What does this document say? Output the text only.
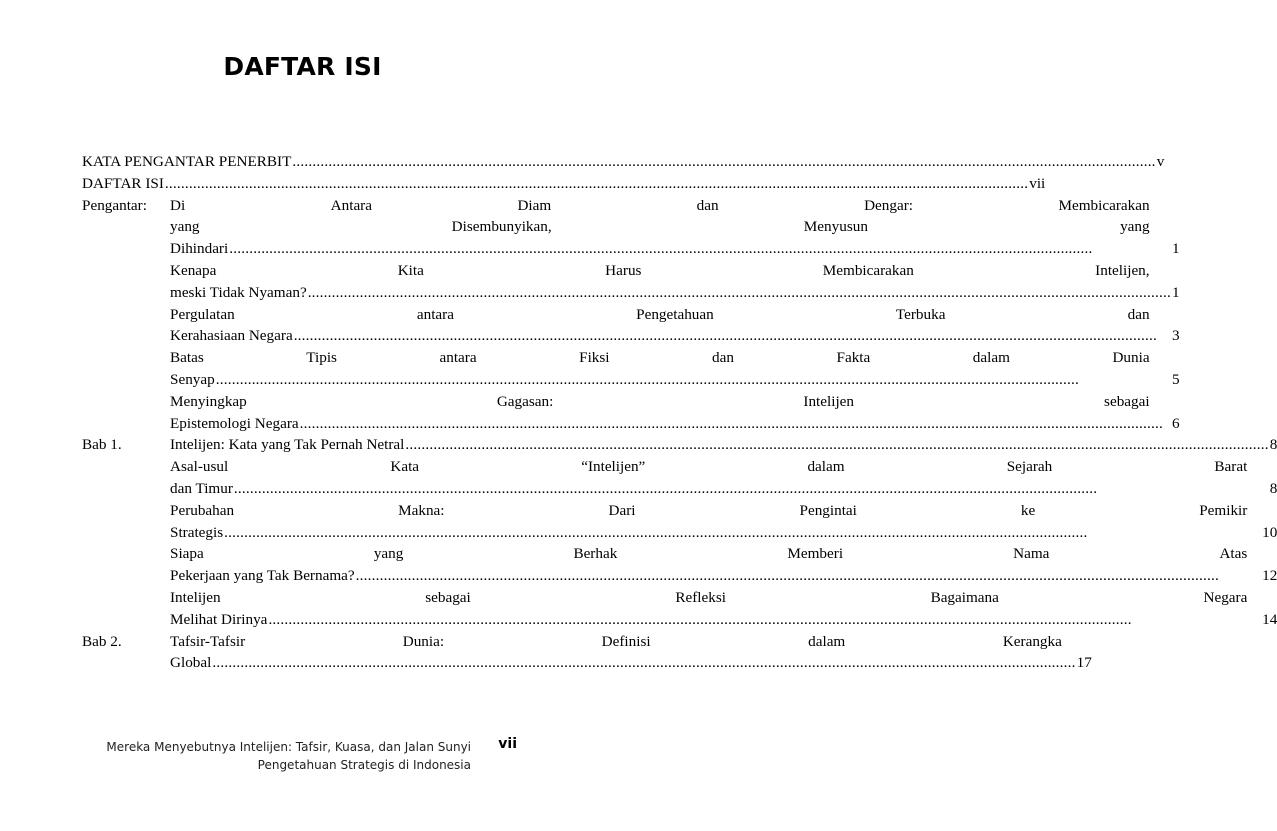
DAFTAR ISI
KATA PENGANTAR PENERBIT .....	v
DAFTAR ISI .....	vii
Pengantar:	Di	Antara	Diam	dan	Dengar:	Membicarakan
yang	Disembunyikan,	Menyusun	yang
Dihindari .....	1
Kenapa	Kita	Harus	Membicarakan	Intelijen,
meski Tidak Nyaman? .....	1
Pergulatan	antara	Pengetahuan	Terbuka	dan
Kerahasiaan Negara .....	3
Batas	Tipis	antara	Fiksi	dan	Fakta	dalam	Dunia
Senyap .....	5
Menyingkap	Gagasan:	Intelijen	sebagai
Epistemologi Negara .....	6
Bab 1.	Intelijen: Kata yang Tak Pernah Netral .....	8
Asal-usul	Kata	“Intelijen”	dalam	Sejarah	Barat
dan Timur .....	8
Perubahan	Makna:	Dari	Pengintai	ke	Pemikir
Strategis .....	10
Siapa	yang	Berhak	Memberi	Nama	Atas
Pekerjaan yang Tak Bernama? .....	12
Intelijen	sebagai	Refleksi	Bagaimana	Negara
Melihat Dirinya .....	14
Bab 2.	Tafsir-Tafsir	Dunia:	Definisi	dalam	Kerangka
Global .....	17
Mereka Menyebutnya Intelijen: Tafsir, Kuasa, dan Jalan Sunyi
Pengetahuan Strategis di Indonesia
vii
